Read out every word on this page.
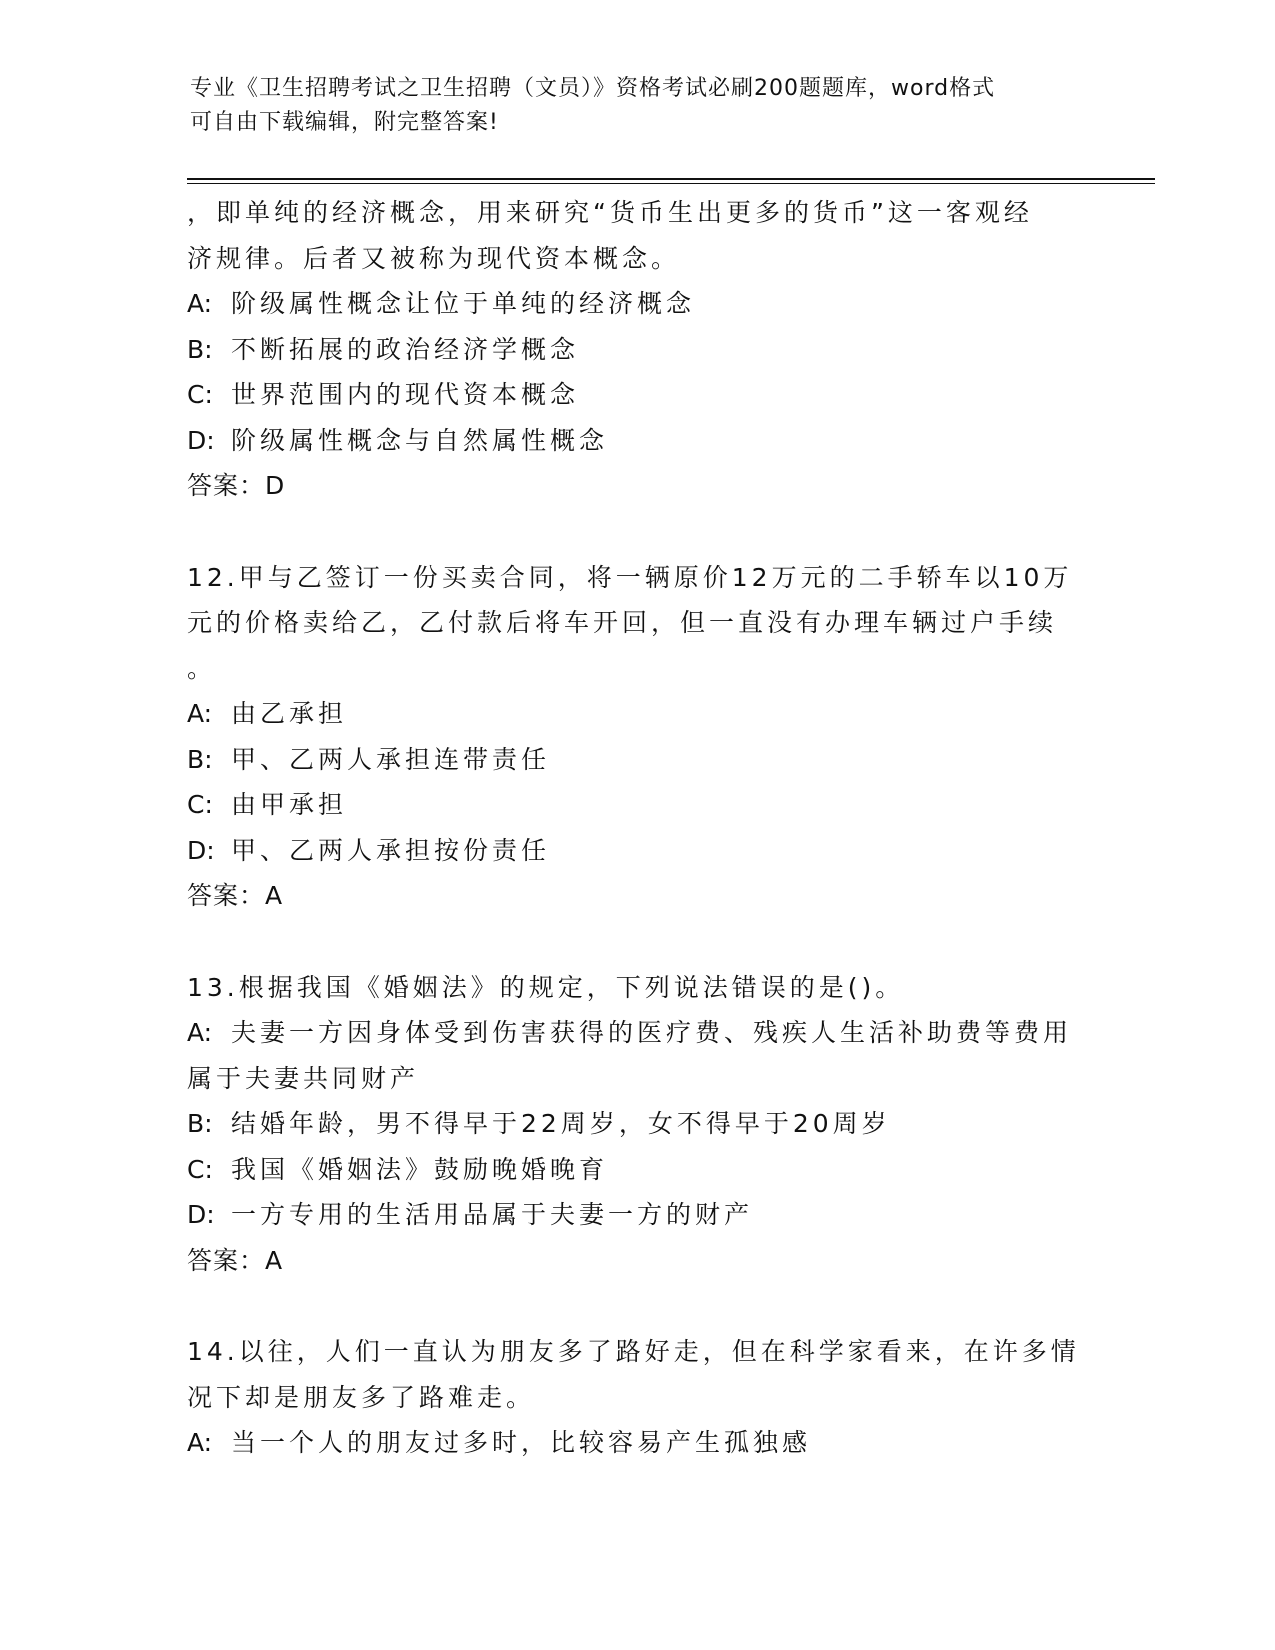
专业《卫生招聘考试之卫生招聘（文员）》资格考试必刷200题题库，word格式
可自由下载编辑，附完整答案!
，即单纯的经济概念，用来研究“货币生出更多的货币”这一客观经
济规律。后者又被称为现代资本概念。
A: 阶级属性概念让位于单纯的经济概念
B: 不断拓展的政治经济学概念
C: 世界范围内的现代资本概念
D: 阶级属性概念与自然属性概念
答案：D
12.甲与乙签订一份买卖合同，将一辆原价12万元的二手轿车以10万
元的价格卖给乙，乙付款后将车开回，但一直没有办理车辆过户手续
。
A: 由乙承担
B: 甲、乙两人承担连带责任
C: 由甲承担
D: 甲、乙两人承担按份责任
答案：A
13.根据我国《婚姻法》的规定，下列说法错误的是()。
A: 夫妻一方因身体受到伤害获得的医疗费、残疾人生活补助费等费用
属于夫妻共同财产
B: 结婚年龄，男不得早于22周岁，女不得早于20周岁
C: 我国《婚姻法》鼓励晚婚晚育
D: 一方专用的生活用品属于夫妻一方的财产
答案：A
14.以往，人们一直认为朋友多了路好走，但在科学家看来，在许多情
况下却是朋友多了路难走。
A: 当一个人的朋友过多时，比较容易产生孤独感
